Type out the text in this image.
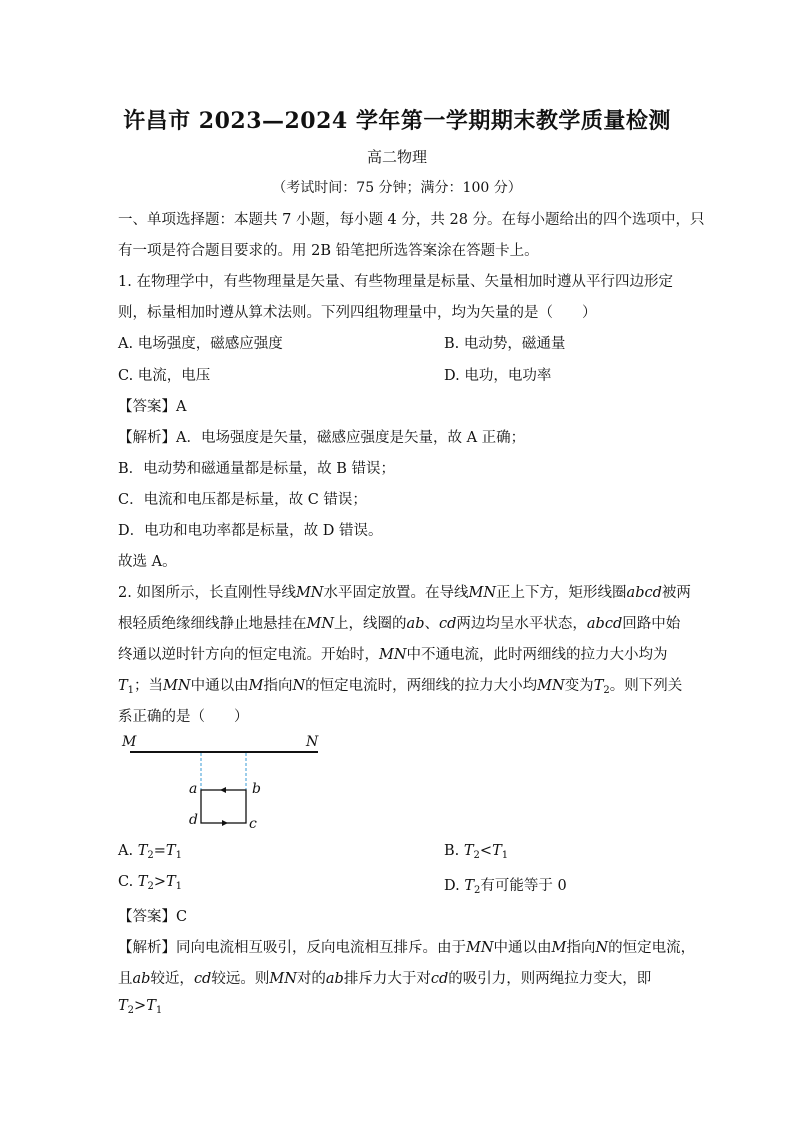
许昌市 2023—2024 学年第一学期期末教学质量检测
高二物理
（考试时间：75 分钟；满分：100 分）
一、单项选择题：本题共 7 小题，每小题 4 分，共 28 分。在每小题给出的四个选项中，只
有一项是符合题目要求的。用 2B 铅笔把所选答案涂在答题卡上。
1. 在物理学中，有些物理量是矢量、有些物理量是标量、矢量相加时遵从平行四边形定
则，标量相加时遵从算术法则。下列四组物理量中，均为矢量的是（　　）
A. 电场强度，磁感应强度	B. 电动势，磁通量
C. 电流，电压	D. 电功，电功率
【答案】A
【解析】A．电场强度是矢量，磁感应强度是矢量，故 A 正确；
B．电动势和磁通量都是标量，故 B 错误；
C．电流和电压都是标量，故 C 错误；
D．电功和电功率都是标量，故 D 错误。
故选 A。
2. 如图所示，长直刚性导线MN水平固定放置。在导线MN正上下方，矩形线圈abcd被两
根轻质绝缘细线静止地悬挂在MN上，线圈的ab、cd两边均呈水平状态，abcd回路中始
终通以逆时针方向的恒定电流。开始时，MN中不通电流，此时两细线的拉力大小均为
$T_1$；当MN中通以由M指向N的恒定电流时，两细线的拉力大小均MN变为$T_2$。则下列关
系正确的是（　　）
M	N
a	b
d	c
A. $T_2=T_1$	B. $T_2<T_1$
C. $T_2>T_1$	D. $T_2$有可能等于 0
【答案】C
【解析】同向电流相互吸引，反向电流相互排斥。由于MN中通以由M指向N的恒定电流，
且ab较近，cd较远。则MN对的ab排斥力大于对cd的吸引力，则两绳拉力变大，即
$T_2>T_1$
